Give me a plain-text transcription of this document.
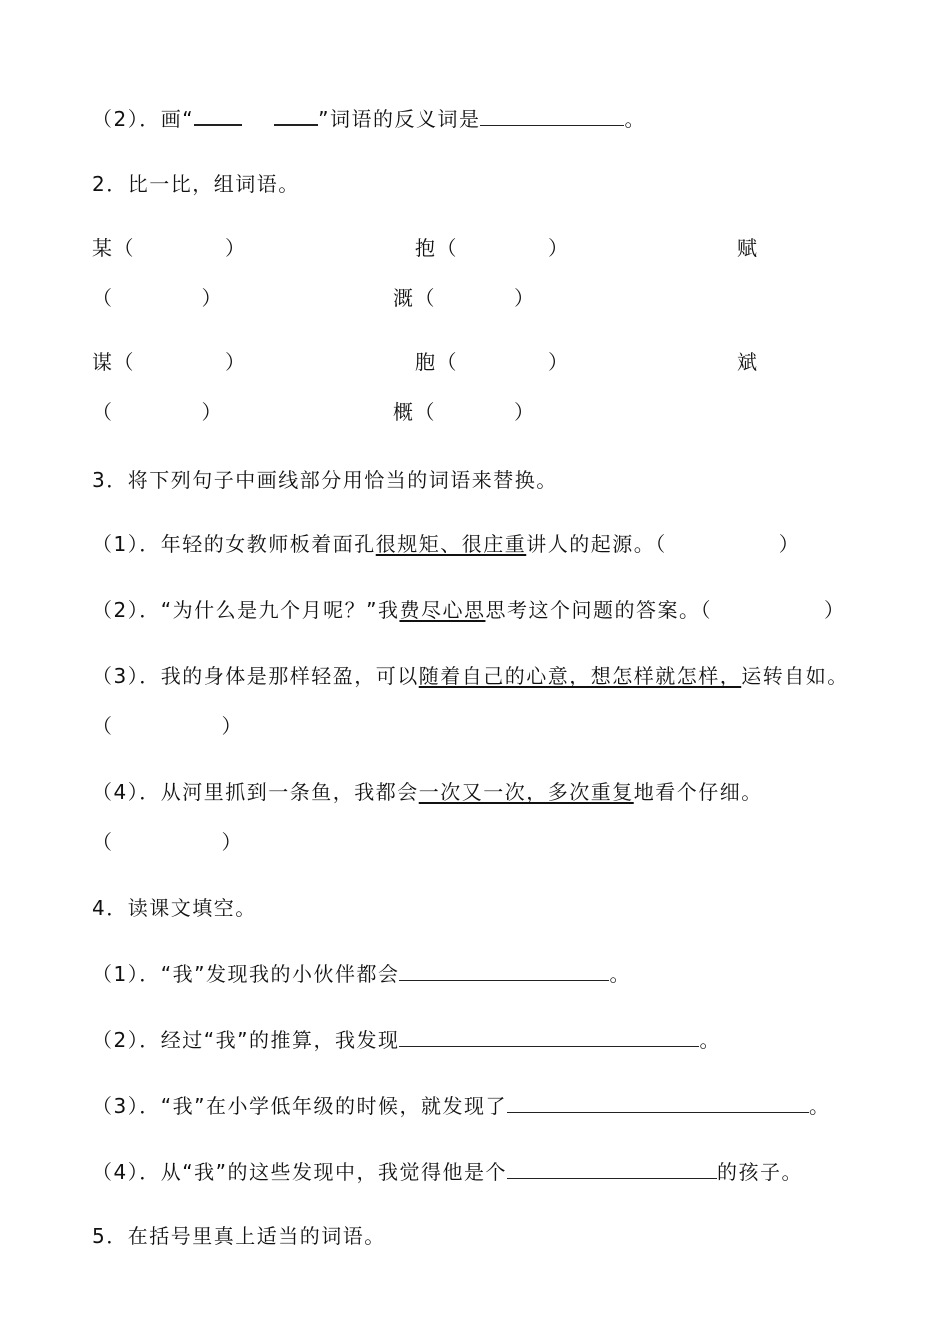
（2）．画“	”词语的反义词是	。
2．比一比，组词语。
某（	）	抱（	）	赋
（	）	溉（	）
谋（	）	胞（	）	斌
（	）	概（	）
3．将下列句子中画线部分用恰当的词语来替换。
（1）．年轻的女教师板着面孔很规矩、很庄重讲人的起源。（	）
（2）．“为什么是九个月呢？”我费尽心思思考这个问题的答案。（	）
（3）．我的身体是那样轻盈，可以随着自己的心意，想怎样就怎样，运转自如。
（	）
（4）．从河里抓到一条鱼，我都会一次又一次，多次重复地看个仔细。
（	）
4．读课文填空。
（1）．“我”发现我的小伙伴都会	。
（2）．经过“我”的推算，我发现	。
（3）．“我”在小学低年级的时候，就发现了	。
（4）．从“我”的这些发现中，我觉得他是个	的孩子。
5．在括号里真上适当的词语。
